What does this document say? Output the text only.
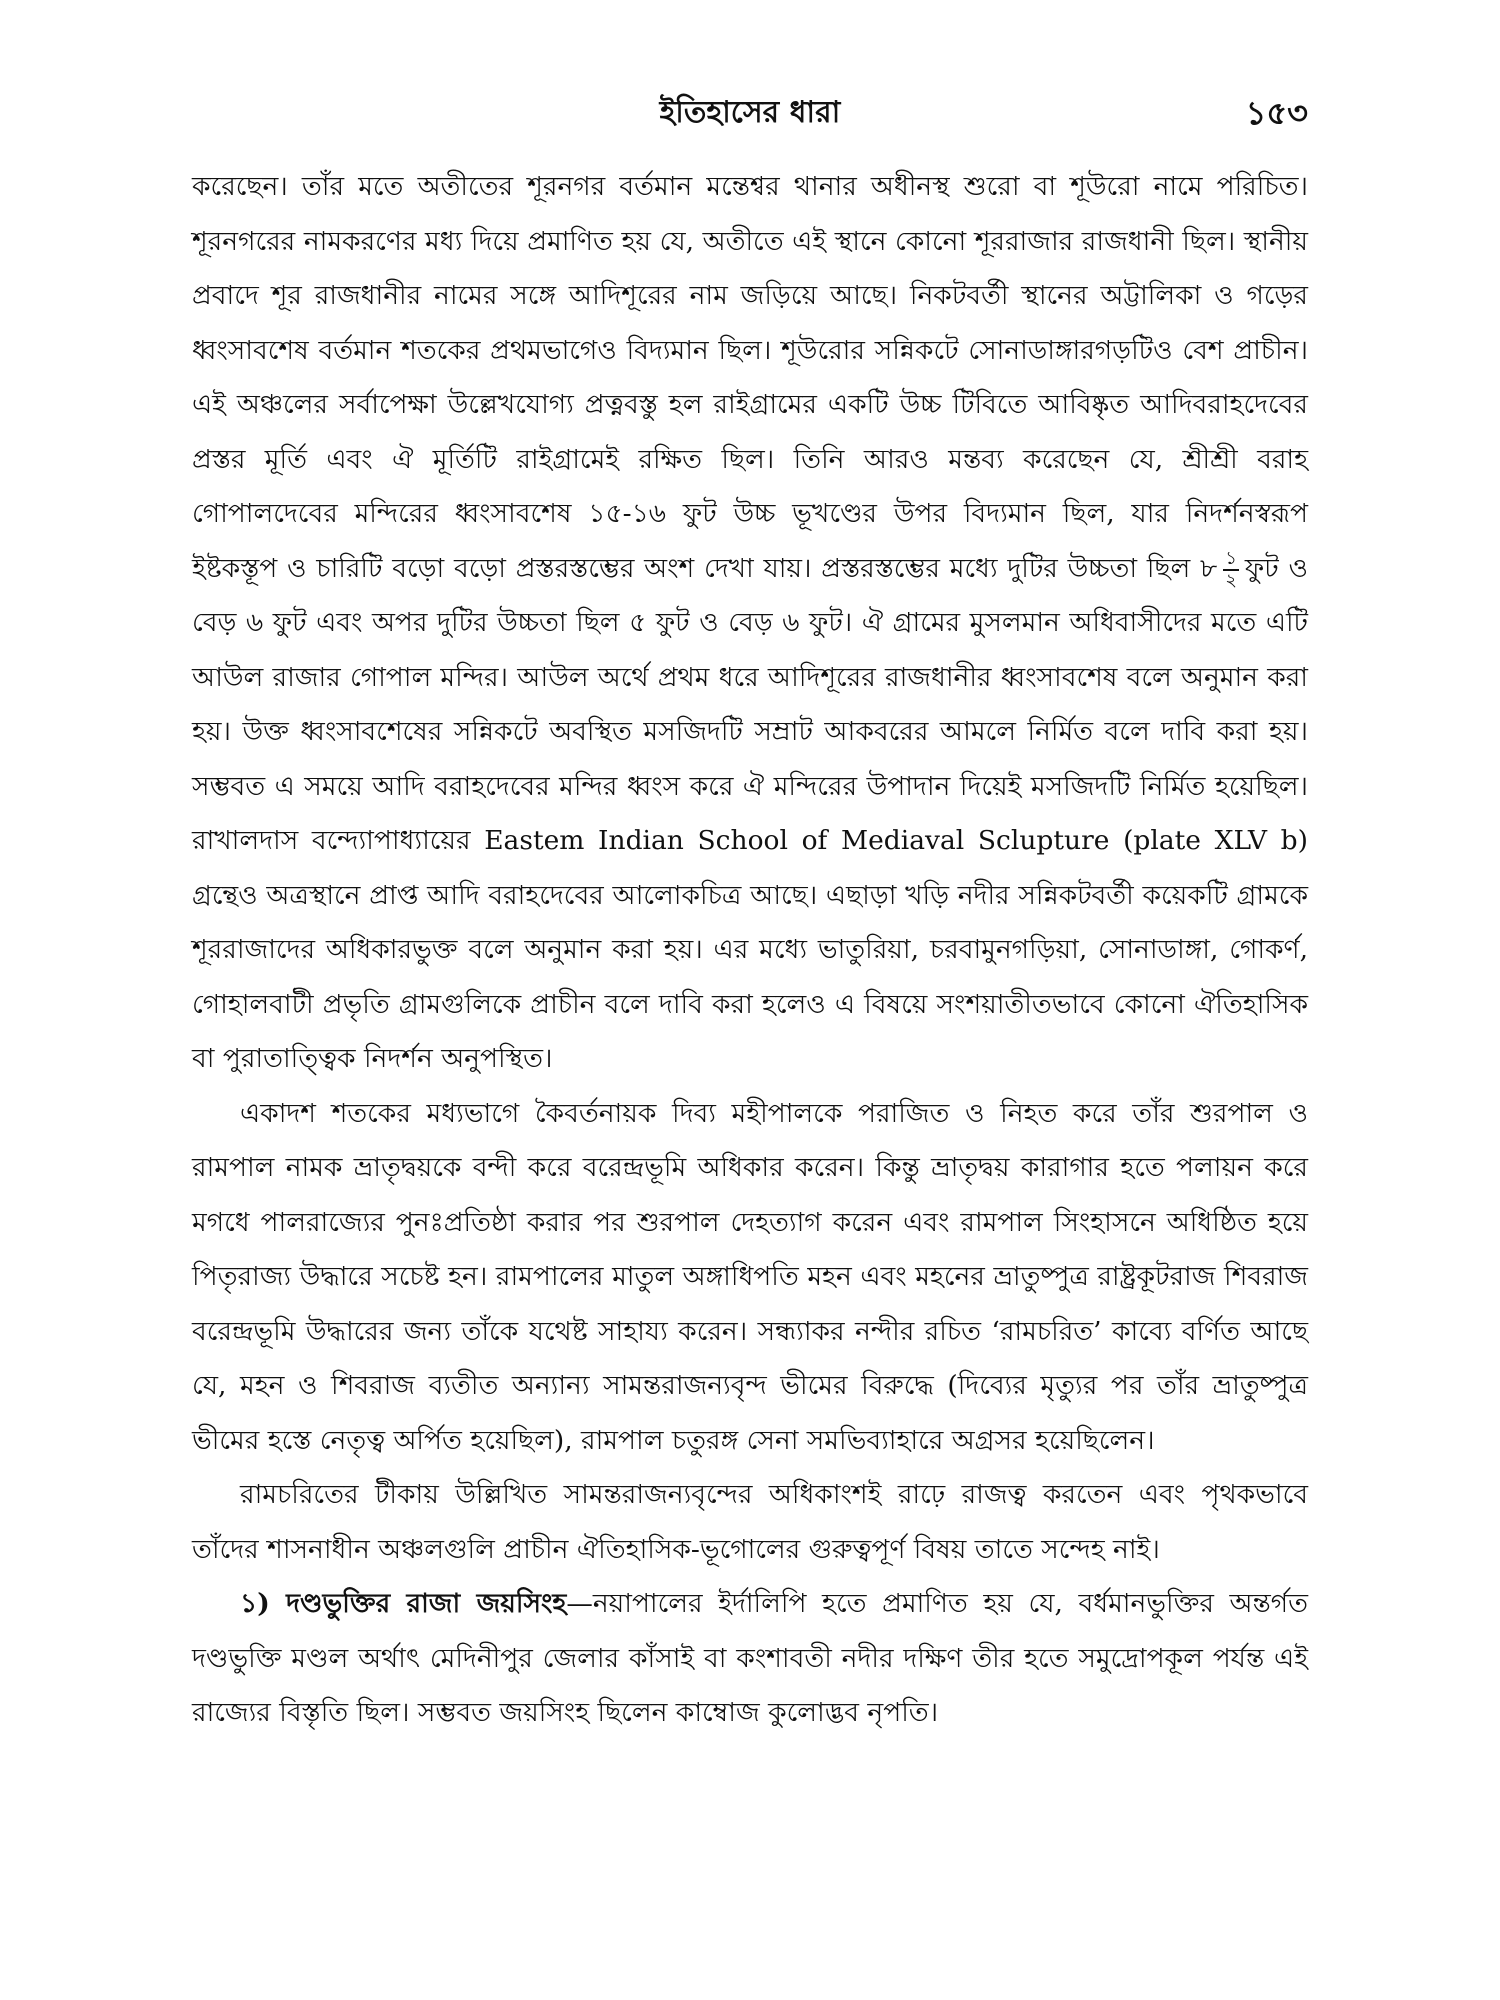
ইতিহাসের ধারা	১৫৩

করেছেন। তাঁর মতে অতীতের শূরনগর বর্তমান মন্তেশ্বর থানার অধীনস্থ শুরো বা শূউরো নামে পরিচিত। শূরনগরের নামকরণের মধ্য দিয়ে প্রমাণিত হয় যে, অতীতে এই স্থানে কোনো শূররাজার রাজধানী ছিল। স্থানীয় প্রবাদে শূর রাজধানীর নামের সঙ্গে আদিশূরের নাম জড়িয়ে আছে। নিকটবর্তী স্থানের অট্টালিকা ও গড়ের ধ্বংসাবশেষ বর্তমান শতকের প্রথমভাগেও বিদ্যমান ছিল। শূউরোর সন্নিকটে সোনাডাঙ্গারগড়টিও বেশ প্রাচীন। এই অঞ্চলের সর্বাপেক্ষা উল্লেখযোগ্য প্রত্নবস্তু হল রাইগ্রামের একটি উচ্চ টিবিতে আবিষ্কৃত আদিবরাহদেবের প্রস্তর মূর্তি এবং ঐ মূর্তিটি রাইগ্রামেই রক্ষিত ছিল। তিনি আরও মন্তব্য করেছেন যে, শ্রীশ্রী বরাহ গোপালদেবের মন্দিরের ধ্বংসাবশেষ ১৫-১৬ ফুট উচ্চ ভূখণ্ডের উপর বিদ্যমান ছিল, যার নিদর্শনস্বরূপ ইষ্টকস্তূপ ও চারিটি বড়ো বড়ো প্রস্তরস্তম্ভের অংশ দেখা যায়। প্রস্তরস্তম্ভের মধ্যে দুটির উচ্চতা ছিল ৮ $\frac{১}{২}$ ফুট ও বেড় ৬ ফুট এবং অপর দুটির উচ্চতা ছিল ৫ ফুট ও বেড় ৬ ফুট। ঐ গ্রামের মুসলমান অধিবাসীদের মতে এটি আউল রাজার গোপাল মন্দির। আউল অর্থে প্রথম ধরে আদিশূরের রাজধানীর ধ্বংসাবশেষ বলে অনুমান করা হয়। উক্ত ধ্বংসাবশেষের সন্নিকটে অবস্থিত মসজিদটি সম্রাট আকবরের আমলে নির্মিত বলে দাবি করা হয়। সম্ভবত এ সময়ে আদি বরাহদেবের মন্দির ধ্বংস করে ঐ মন্দিরের উপাদান দিয়েই মসজিদটি নির্মিত হয়েছিল। রাখালদাস বন্দ্যোপাধ্যায়ের Eastem Indian School of Mediaval Sclupture (plate XLV b) গ্রন্থেও অত্রস্থানে প্রাপ্ত আদি বরাহদেবের আলোকচিত্র আছে। এছাড়া খড়ি নদীর সন্নিকটবর্তী কয়েকটি গ্রামকে শূররাজাদের অধিকারভুক্ত বলে অনুমান করা হয়। এর মধ্যে ভাতুরিয়া, চরবামুনগড়িয়া, সোনাডাঙ্গা, গোকর্ণ, গোহালবাটী প্রভৃতি গ্রামগুলিকে প্রাচীন বলে দাবি করা হলেও এ বিষয়ে সংশয়াতীতভাবে কোনো ঐতিহাসিক বা পুরাতাত্ত্বিক নিদর্শন অনুপস্থিত।

একাদশ শতকের মধ্যভাগে কৈবর্তনায়ক দিব্য মহীপালকে পরাজিত ও নিহত করে তাঁর শুরপাল ও রামপাল নামক ভ্রাতৃদ্বয়কে বন্দী করে বরেন্দ্রভূমি অধিকার করেন। কিন্তু ভ্রাতৃদ্বয় কারাগার হতে পলায়ন করে মগধে পালরাজ্যের পুনঃপ্রতিষ্ঠা করার পর শুরপাল দেহত্যাগ করেন এবং রামপাল সিংহাসনে অধিষ্ঠিত হয়ে পিতৃরাজ্য উদ্ধারে সচেষ্ট হন। রামপালের মাতুল অঙ্গাধিপতি মহন এবং মহনের ভ্রাতুষ্পুত্র রাষ্ট্রকূটরাজ শিবরাজ বরেন্দ্রভূমি উদ্ধারের জন্য তাঁকে যথেষ্ট সাহায্য করেন। সন্ধ্যাকর নন্দীর রচিত ‘রামচরিত’ কাব্যে বর্ণিত আছে যে, মহন ও শিবরাজ ব্যতীত অন্যান্য সামন্তরাজন্যবৃন্দ ভীমের বিরুদ্ধে (দিব্যের মৃত্যুর পর তাঁর ভ্রাতুষ্পুত্র ভীমের হস্তে নেতৃত্ব অর্পিত হয়েছিল), রামপাল চতুরঙ্গ সেনা সমভিব্যাহারে অগ্রসর হয়েছিলেন।

রামচরিতের টীকায় উল্লিখিত সামন্তরাজন্যবৃন্দের অধিকাংশই রাঢ়ে রাজত্ব করতেন এবং পৃথকভাবে তাঁদের শাসনাধীন অঞ্চলগুলি প্রাচীন ঐতিহাসিক-ভূগোলের গুরুত্বপূর্ণ বিষয় তাতে সন্দেহ নাই।

১) দণ্ডভুক্তির রাজা জয়সিংহ—নয়াপালের ইর্দালিপি হতে প্রমাণিত হয় যে, বর্ধমানভুক্তির অন্তর্গত দণ্ডভুক্তি মণ্ডল অর্থাৎ মেদিনীপুর জেলার কাঁসাই বা কংশাবতী নদীর দক্ষিণ তীর হতে সমুদ্রোপকূল পর্যন্ত এই রাজ্যের বিস্তৃতি ছিল। সম্ভবত জয়সিংহ ছিলেন কাম্বোজ কুলোদ্ভব নৃপতি।
